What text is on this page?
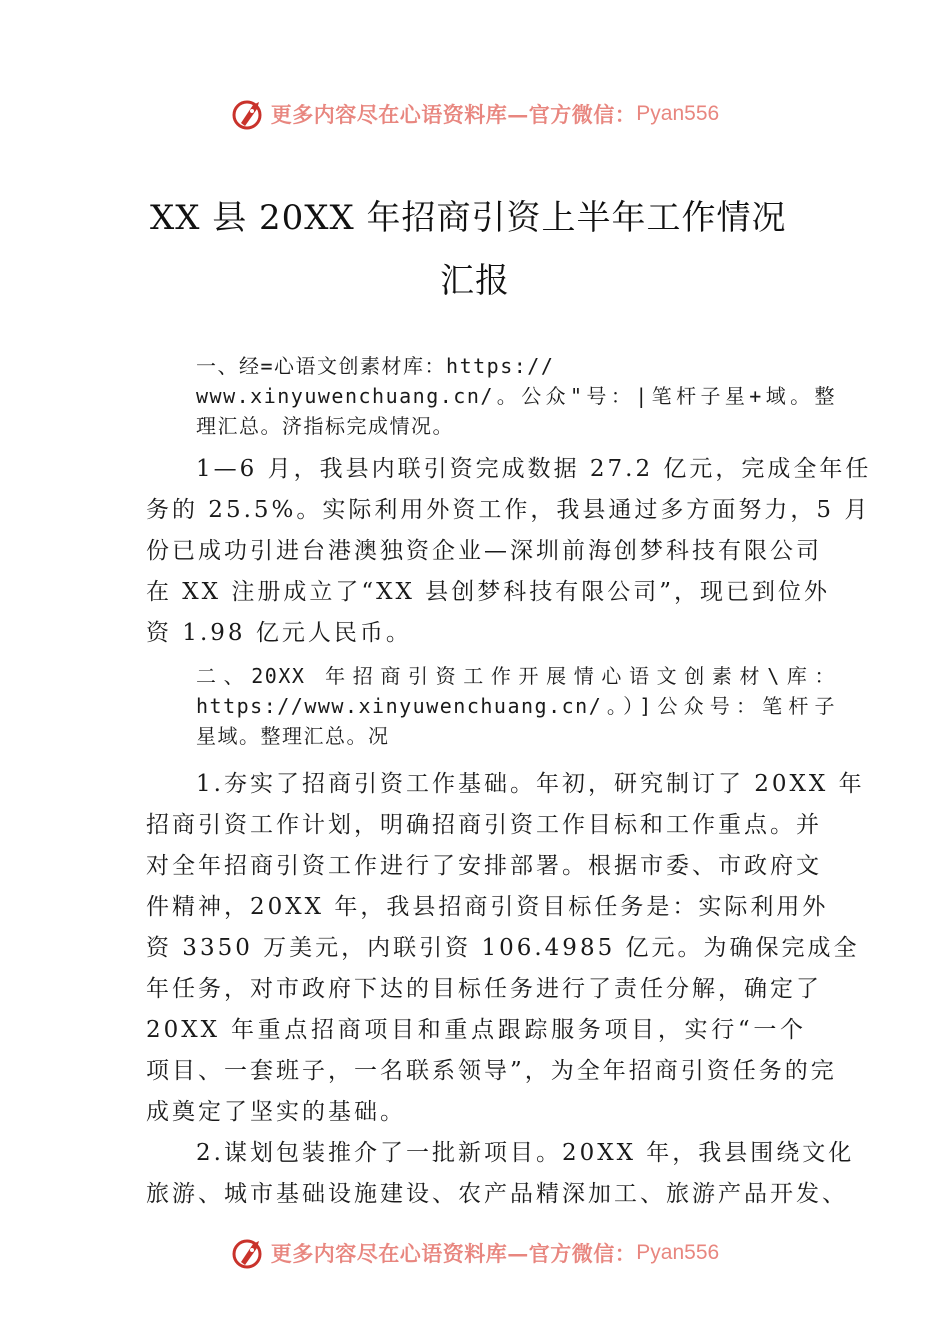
更多内容尽在心语资料库—官方微信： Pyan556
XX 县 20XX 年招商引资上半年工作情况
汇报
一、经=心语文创素材库：https://
www.xinyuwenchuang.cn/。公众"号：|笔杆子星+域。整
理汇总。济指标完成情况。
1—6 月，我县内联引资完成数据 27.2 亿元，完成全年任
务的 25.5%。实际利用外资工作，我县通过多方面努力，5 月
份已成功引进台港澳独资企业—深圳前海创梦科技有限公司
在 XX 注册成立了“XX 县创梦科技有限公司”，现已到位外
资 1.98 亿元人民币。
二、20XX 年招商引资工作开展情心语文创素材\库：
https://www.xinyuwenchuang.cn/。）]公众号：笔杆子
星域。整理汇总。况
1.夯实了招商引资工作基础。年初，研究制订了 20XX 年
招商引资工作计划，明确招商引资工作目标和工作重点。并
对全年招商引资工作进行了安排部署。根据市委、市政府文
件精神，20XX 年，我县招商引资目标任务是：实际利用外
资 3350 万美元，内联引资 106.4985 亿元。为确保完成全
年任务，对市政府下达的目标任务进行了责任分解，确定了
20XX 年重点招商项目和重点跟踪服务项目，实行“一个
项目、一套班子，一名联系领导”，为全年招商引资任务的完
成奠定了坚实的基础。
2.谋划包装推介了一批新项目。20XX 年，我县围绕文化
旅游、城市基础设施建设、农产品精深加工、旅游产品开发、
更多内容尽在心语资料库—官方微信： Pyan556
